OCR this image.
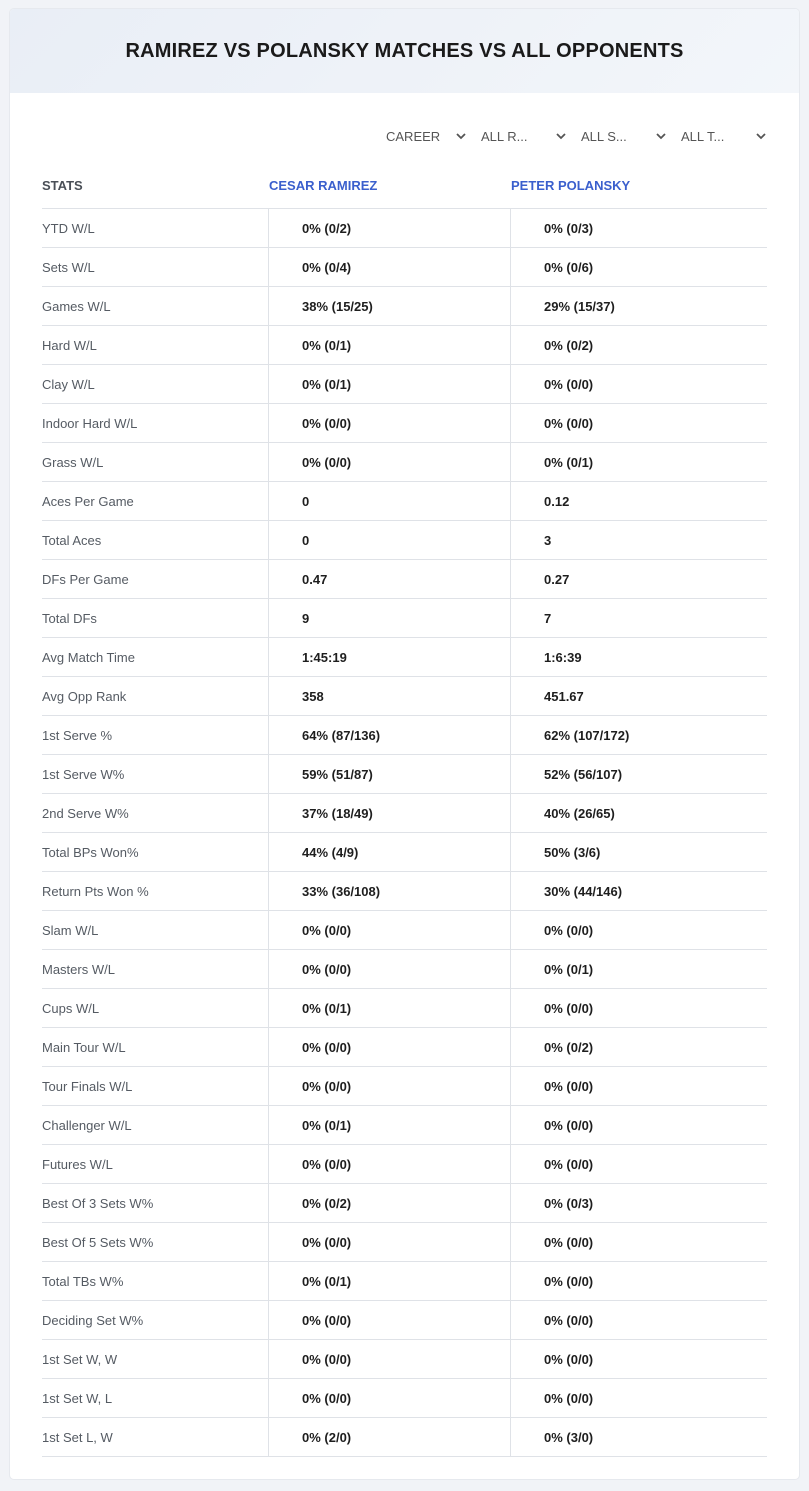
RAMIREZ VS POLANSKY MATCHES VS ALL OPPONENTS
CAREER	ALL R...	ALL S...	ALL T...
STATS	CESAR RAMIREZ	PETER POLANSKY
YTD W/L	0% (0/2)	0% (0/3)
Sets W/L	0% (0/4)	0% (0/6)
Games W/L	38% (15/25)	29% (15/37)
Hard W/L	0% (0/1)	0% (0/2)
Clay W/L	0% (0/1)	0% (0/0)
Indoor Hard W/L	0% (0/0)	0% (0/0)
Grass W/L	0% (0/0)	0% (0/1)
Aces Per Game	0	0.12
Total Aces	0	3
DFs Per Game	0.47	0.27
Total DFs	9	7
Avg Match Time	1:45:19	1:6:39
Avg Opp Rank	358	451.67
1st Serve %	64% (87/136)	62% (107/172)
1st Serve W%	59% (51/87)	52% (56/107)
2nd Serve W%	37% (18/49)	40% (26/65)
Total BPs Won%	44% (4/9)	50% (3/6)
Return Pts Won %	33% (36/108)	30% (44/146)
Slam W/L	0% (0/0)	0% (0/0)
Masters W/L	0% (0/0)	0% (0/1)
Cups W/L	0% (0/1)	0% (0/0)
Main Tour W/L	0% (0/0)	0% (0/2)
Tour Finals W/L	0% (0/0)	0% (0/0)
Challenger W/L	0% (0/1)	0% (0/0)
Futures W/L	0% (0/0)	0% (0/0)
Best Of 3 Sets W%	0% (0/2)	0% (0/3)
Best Of 5 Sets W%	0% (0/0)	0% (0/0)
Total TBs W%	0% (0/1)	0% (0/0)
Deciding Set W%	0% (0/0)	0% (0/0)
1st Set W, W	0% (0/0)	0% (0/0)
1st Set W, L	0% (0/0)	0% (0/0)
1st Set L, W	0% (2/0)	0% (3/0)
